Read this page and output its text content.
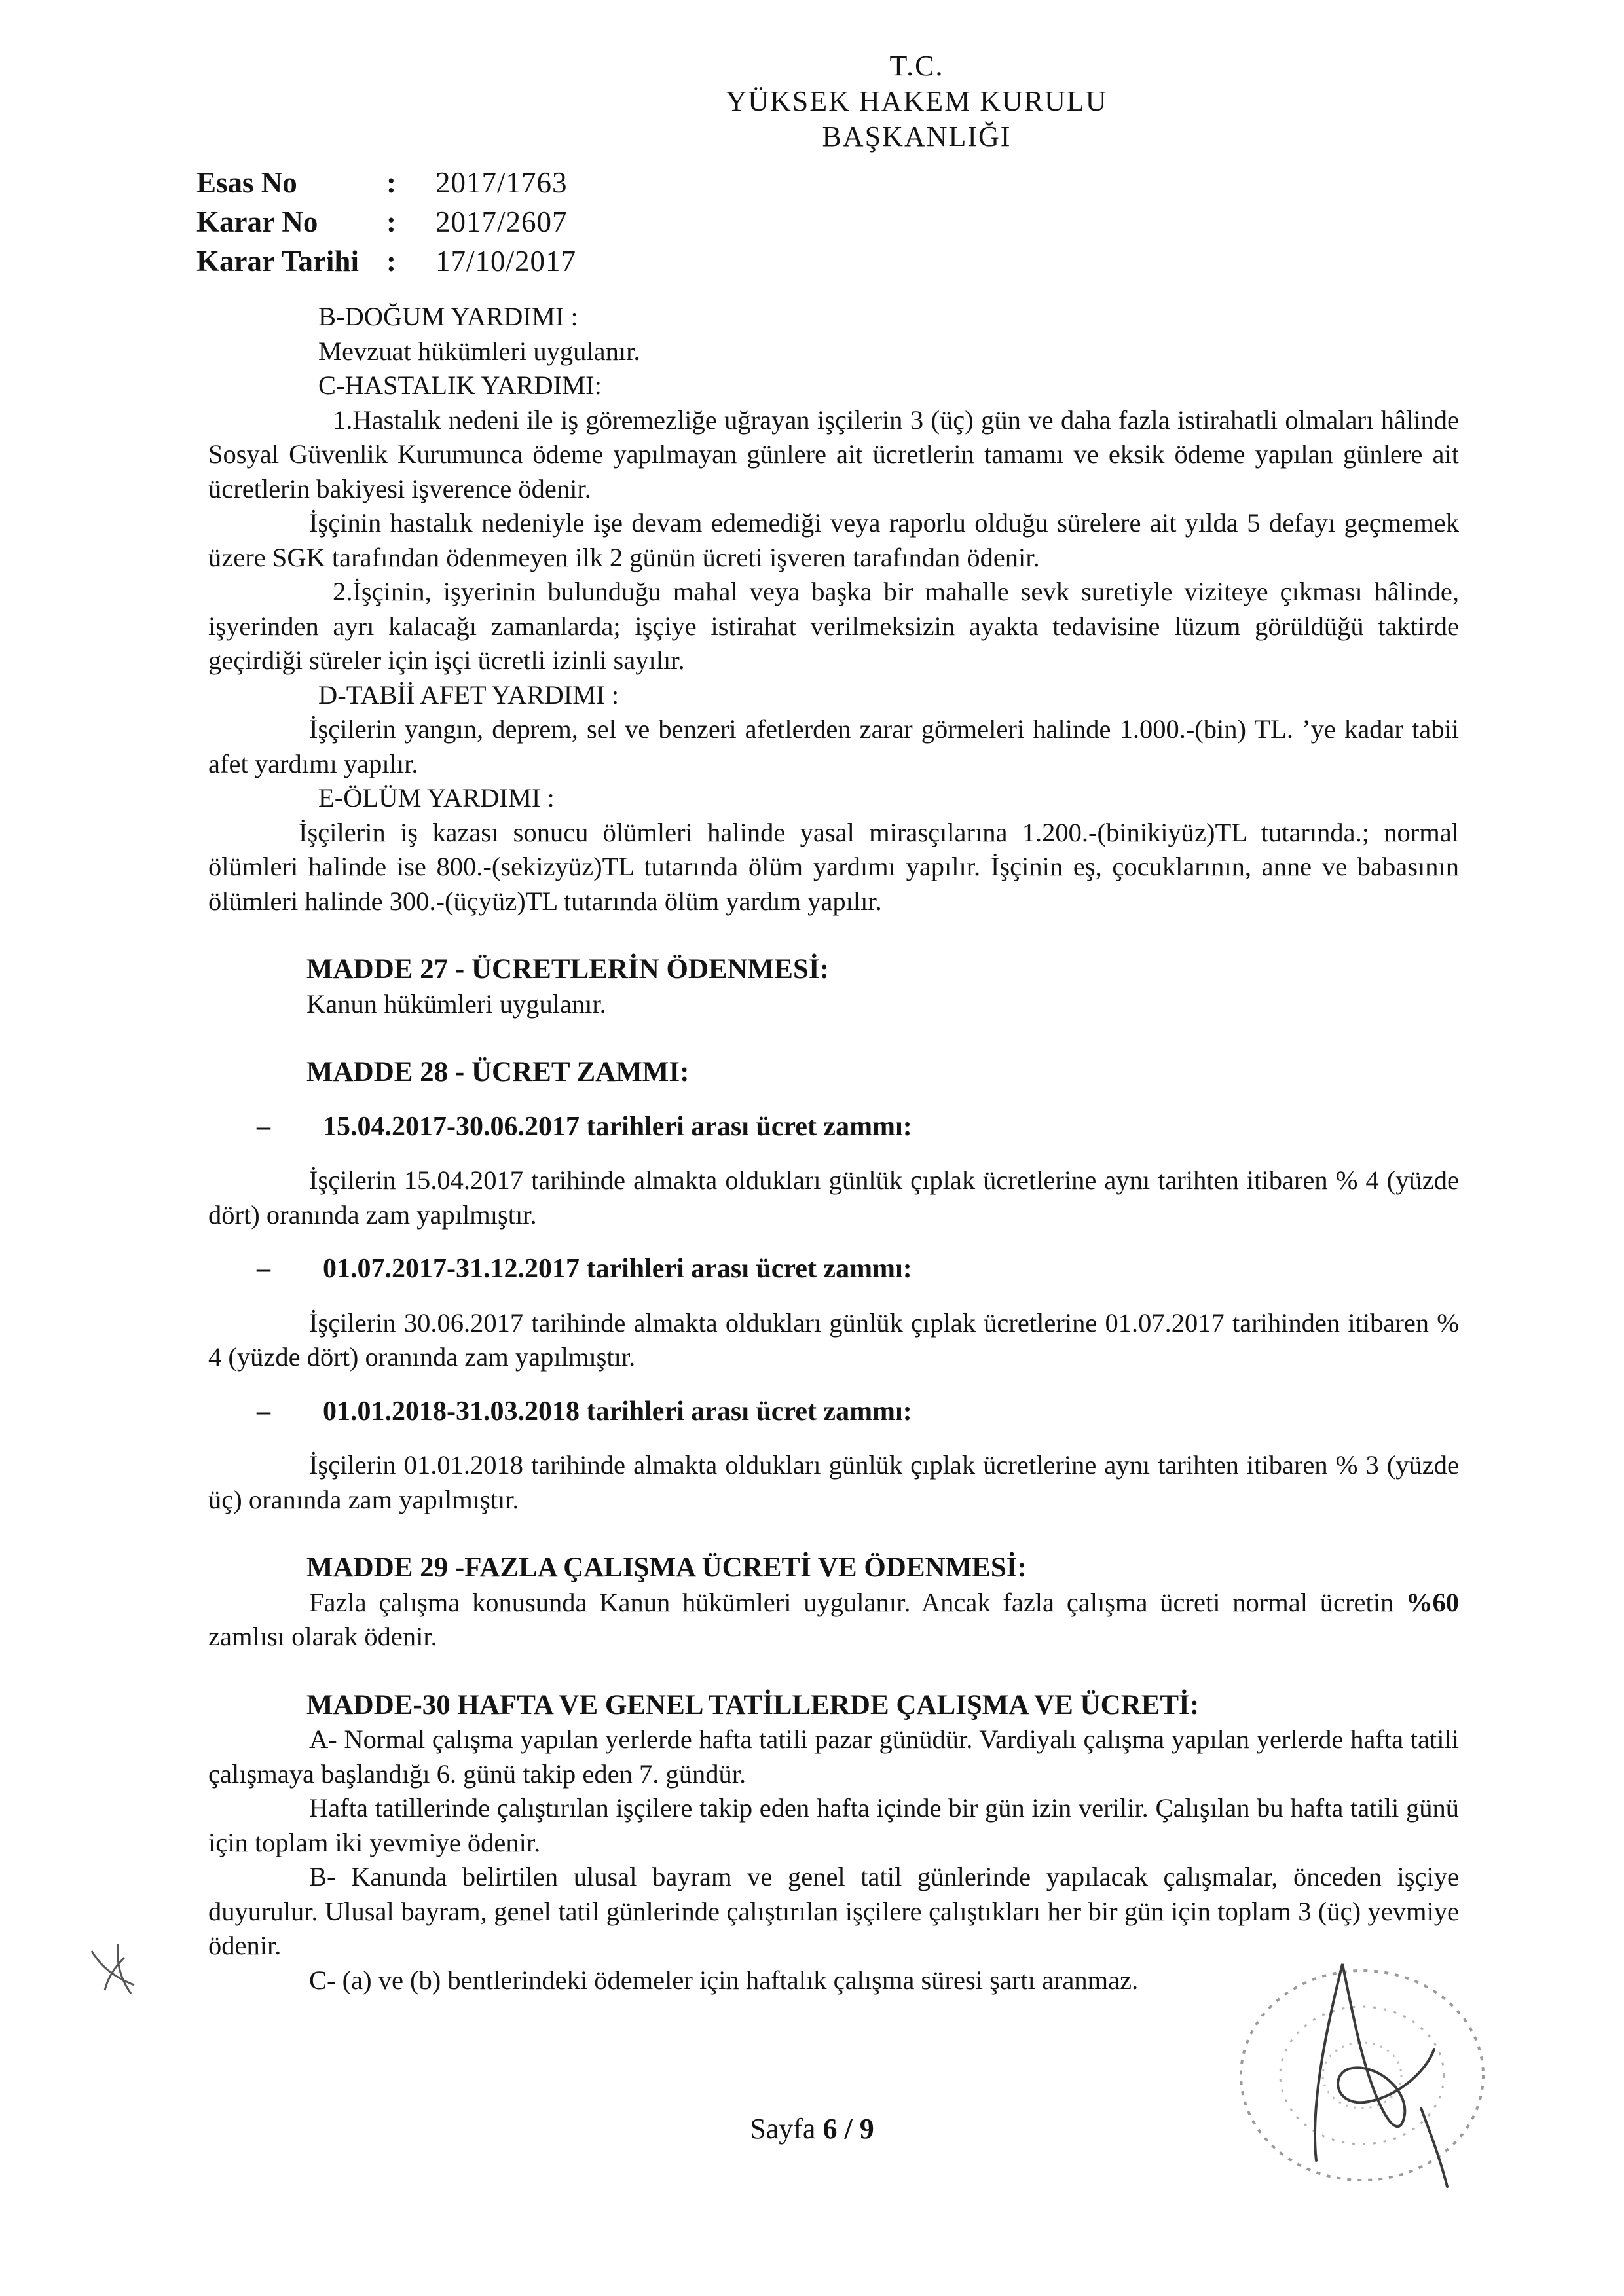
T.C.
YÜKSEK HAKEM KURULU
BAŞKANLIĞI
Esas No	:	2017/1763
Karar No	:	2017/2607
Karar Tarihi :	17/10/2017

B-DOĞUM YARDIMI :

Mevzuat hükümleri uygulanır.

C-HASTALIK YARDIMI:

1.Hastalık nedeni ile iş göremezliğe uğrayan işçilerin 3 (üç) gün ve daha fazla istirahatli olmaları hâlinde Sosyal Güvenlik Kurumunca ödeme yapılmayan günlere ait ücretlerin tamamı ve eksik ödeme yapılan günlere ait ücretlerin bakiyesi işverence ödenir.

İşçinin hastalık nedeniyle işe devam edemediği veya raporlu olduğu sürelere ait yılda 5 defayı geçmemek üzere SGK tarafından ödenmeyen ilk 2 günün ücreti işveren tarafından ödenir.

2.İşçinin, işyerinin bulunduğu mahal veya başka bir mahalle sevk suretiyle viziteye çıkması hâlinde, işyerinden ayrı kalacağı zamanlarda; işçiye istirahat verilmeksizin ayakta tedavisine lüzum görüldüğü taktirde geçirdiği süreler için işçi ücretli izinli sayılır.

D-TABİİ AFET YARDIMI :

İşçilerin yangın, deprem, sel ve benzeri afetlerden zarar görmeleri halinde 1.000.-(bin) TL. ’ye kadar tabii afet yardımı yapılır.

E-ÖLÜM YARDIMI :

İşçilerin iş kazası sonucu ölümleri halinde yasal mirasçılarına 1.200.-(binikiyüz)TL tutarında.; normal ölümleri halinde ise 800.-(sekizyüz)TL tutarında ölüm yardımı yapılır. İşçinin eş, çocuklarının, anne ve babasının ölümleri halinde 300.-(üçyüz)TL tutarında ölüm yardım yapılır.

MADDE 27 - ÜCRETLERİN ÖDENMESİ:

Kanun hükümleri uygulanır.

MADDE 28 - ÜCRET ZAMMI:

–	15.04.2017-30.06.2017 tarihleri arası ücret zammı:

İşçilerin 15.04.2017 tarihinde almakta oldukları günlük çıplak ücretlerine aynı tarihten itibaren % 4 (yüzde dört) oranında zam yapılmıştır.

–	01.07.2017-31.12.2017 tarihleri arası ücret zammı:

İşçilerin 30.06.2017 tarihinde almakta oldukları günlük çıplak ücretlerine 01.07.2017 tarihinden itibaren % 4 (yüzde dört) oranında zam yapılmıştır.

–	01.01.2018-31.03.2018 tarihleri arası ücret zammı:

İşçilerin 01.01.2018 tarihinde almakta oldukları günlük çıplak ücretlerine aynı tarihten itibaren % 3 (yüzde üç) oranında zam yapılmıştır.

MADDE 29 -FAZLA ÇALIŞMA ÜCRETİ VE ÖDENMESİ:

Fazla çalışma konusunda Kanun hükümleri uygulanır. Ancak fazla çalışma ücreti normal ücretin %60 zamlısı olarak ödenir.

MADDE-30 HAFTA VE GENEL TATİLLERDE ÇALIŞMA VE ÜCRETİ:

A- Normal çalışma yapılan yerlerde hafta tatili pazar günüdür. Vardiyalı çalışma yapılan yerlerde hafta tatili çalışmaya başlandığı 6. günü takip eden 7. gündür.

Hafta tatillerinde çalıştırılan işçilere takip eden hafta içinde bir gün izin verilir. Çalışılan bu hafta tatili günü için toplam iki yevmiye ödenir.

B- Kanunda belirtilen ulusal bayram ve genel tatil günlerinde yapılacak çalışmalar, önceden işçiye duyurulur. Ulusal bayram, genel tatil günlerinde çalıştırılan işçilere çalıştıkları her bir gün için toplam 3 (üç) yevmiye ödenir.

C- (a) ve (b) bentlerindeki ödemeler için haftalık çalışma süresi şartı aranmaz.

Sayfa 6 / 9
